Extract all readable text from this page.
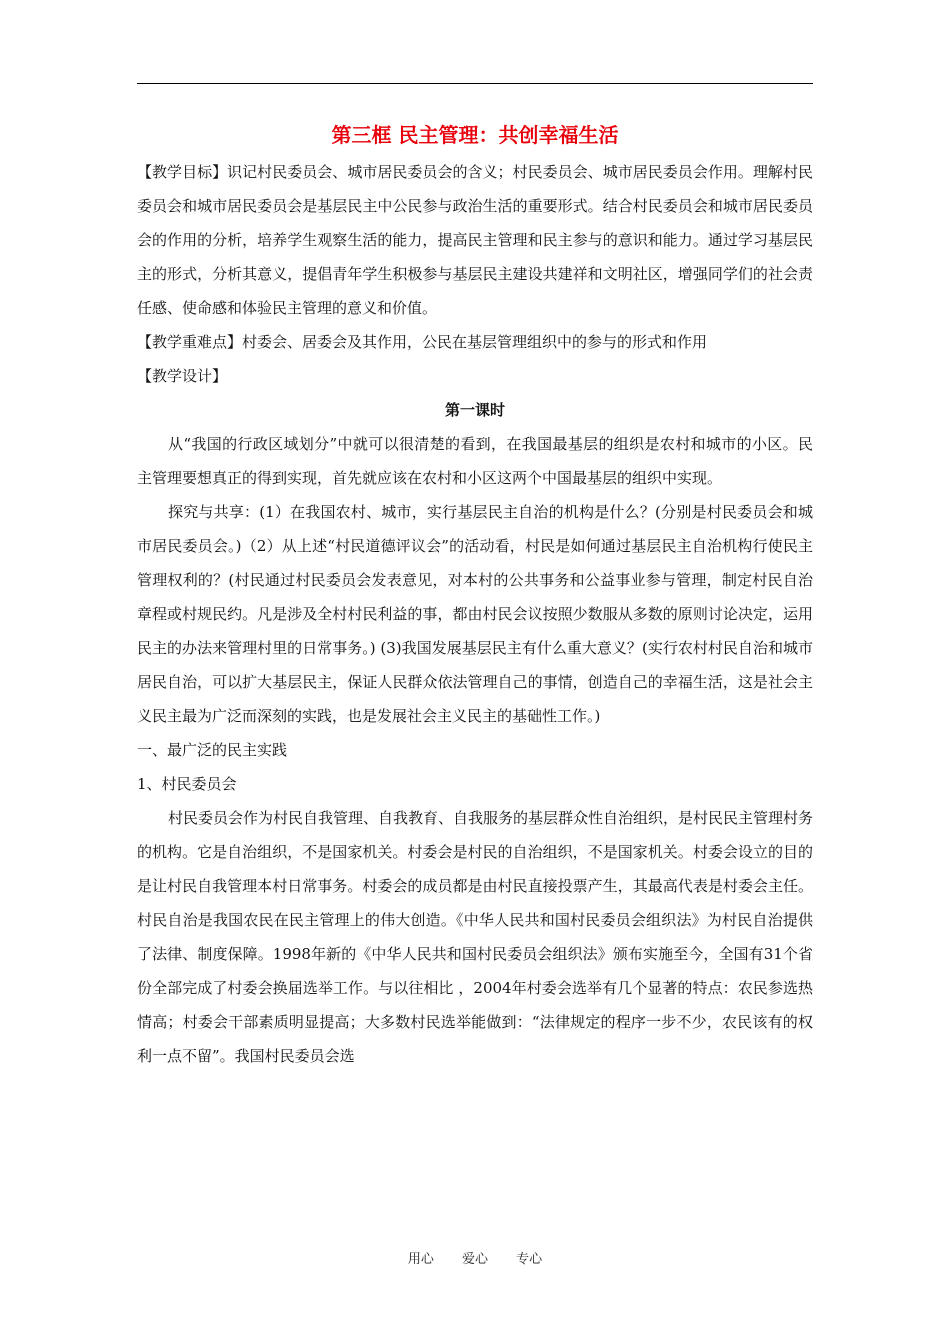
第三框 民主管理：共创幸福生活

【教学目标】识记村民委员会、城市居民委员会的含义；村民委员会、城市居民委员会作用。理解村民委员会和城市居民委员会是基层民主中公民参与政治生活的重要形式。结合村民委员会和城市居民委员会的作用的分析，培养学生观察生活的能力，提高民主管理和民主参与的意识和能力。通过学习基层民主的形式，分析其意义，提倡青年学生积极参与基层民主建设共建祥和文明社区，增强同学们的社会责任感、使命感和体验民主管理的意义和价值。

【教学重难点】村委会、居委会及其作用，公民在基层管理组织中的参与的形式和作用

【教学设计】

第一课时

从“我国的行政区域划分”中就可以很清楚的看到，在我国最基层的组织是农村和城市的小区。民主管理要想真正的得到实现，首先就应该在农村和小区这两个中国最基层的组织中实现。

探究与共享：(1）在我国农村、城市，实行基层民主自治的机构是什么？(分别是村民委员会和城市居民委员会。)（2）从上述“村民道德评议会”的活动看，村民是如何通过基层民主自治机构行使民主管理权利的？(村民通过村民委员会发表意见，对本村的公共事务和公益事业参与管理，制定村民自治章程或村规民约。凡是涉及全村村民利益的事，都由村民会议按照少数服从多数的原则讨论决定，运用民主的办法来管理村里的日常事务。) (3)我国发展基层民主有什么重大意义？(实行农村村民自治和城市居民自治，可以扩大基层民主，保证人民群众依法管理自己的事情，创造自己的幸福生活，这是社会主义民主最为广泛而深刻的实践，也是发展社会主义民主的基础性工作。)

一、最广泛的民主实践

1、村民委员会

村民委员会作为村民自我管理、自我教育、自我服务的基层群众性自治组织，是村民民主管理村务的机构。它是自治组织，不是国家机关。村委会是村民的自治组织，不是国家机关。村委会设立的目的是让村民自我管理本村日常事务。村委会的成员都是由村民直接投票产生，其最高代表是村委会主任。村民自治是我国农民在民主管理上的伟大创造。《中华人民共和国村民委员会组织法》为村民自治提供了法律、制度保障。1998年新的《中华人民共和国村民委员会组织法》颁布实施至今，全国有31个省份全部完成了村委会换届选举工作。与以往相比 ，2004年村委会选举有几个显著的特点：农民参选热情高；村委会干部素质明显提高；大多数村民选举能做到：“法律规定的程序一步不少，农民该有的权利一点不留”。我国村民委员会选

用心 爱心 专心
